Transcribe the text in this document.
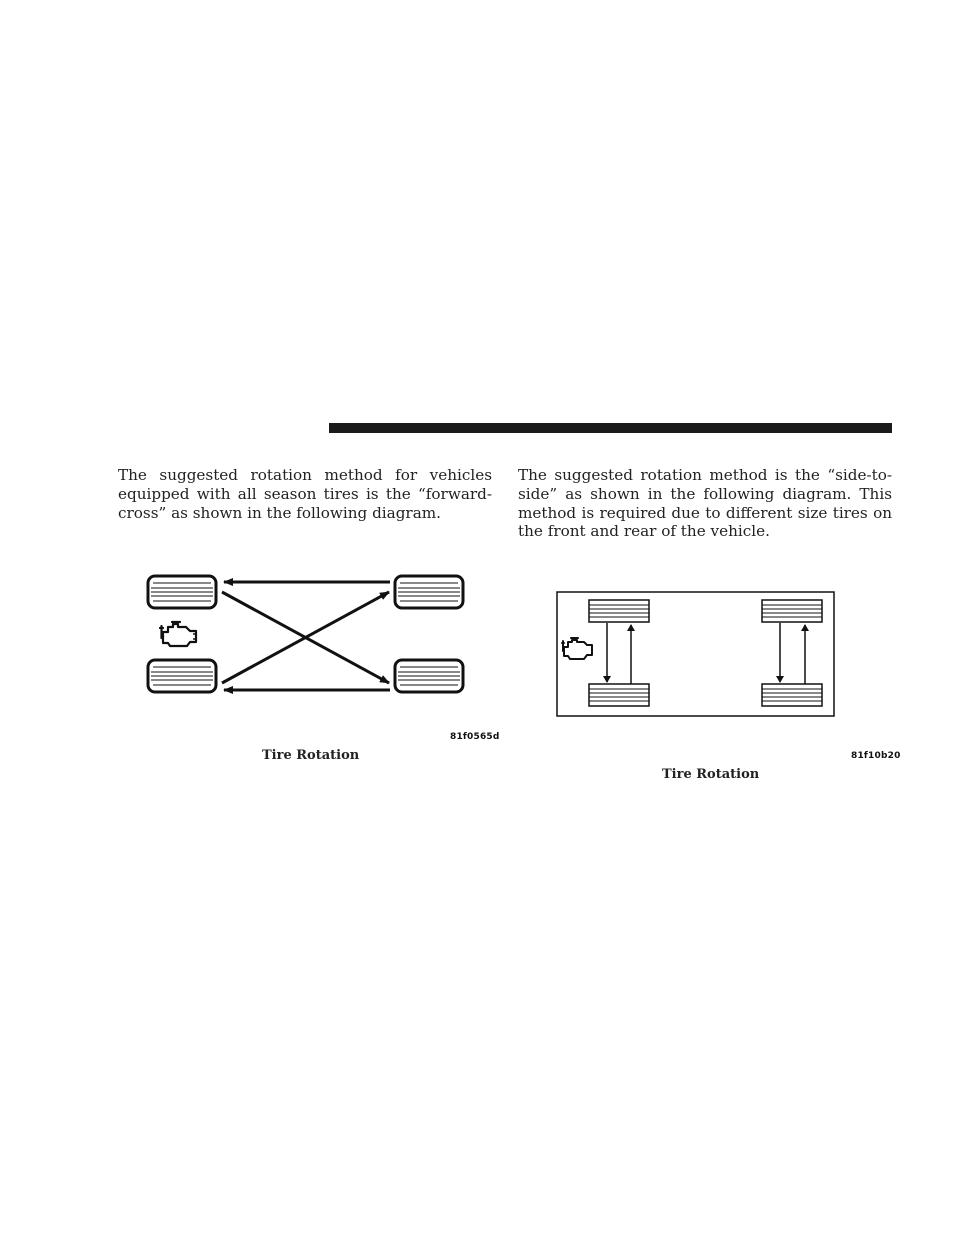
The suggested rotation method for vehicles equipped with all season tires is the “forward-cross” as shown in the following diagram.

The suggested rotation method is the “side-to-side” as shown in the following diagram. This method is required due to different size tires on the front and rear of the vehicle.

81f0565d
Tire Rotation	81f10b20
Tire Rotation
